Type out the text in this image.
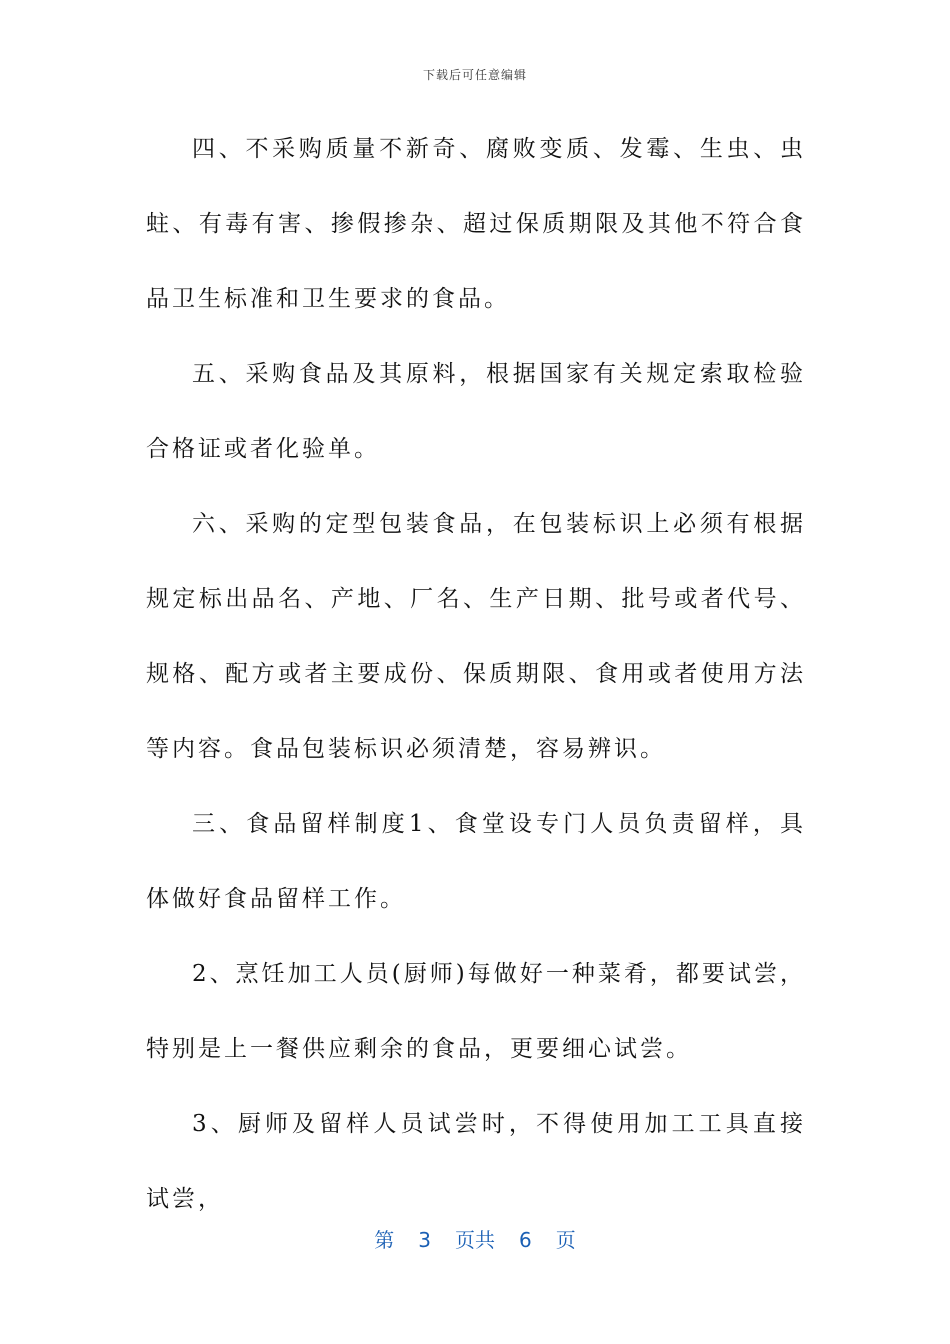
下载后可任意编辑

四、不采购质量不新奇、腐败变质、发霉、生虫、虫蛀、有毒有害、掺假掺杂、超过保质期限及其他不符合食品卫生标准和卫生要求的食品。

五、采购食品及其原料，根据国家有关规定索取检验合格证或者化验单。

六、采购的定型包装食品，在包装标识上必须有根据规定标出品名、产地、厂名、生产日期、批号或者代号、规格、配方或者主要成份、保质期限、食用或者使用方法等内容。食品包装标识必须清楚，容易辨识。

三、食品留样制度1、食堂设专门人员负责留样，具体做好食品留样工作。

2、烹饪加工人员(厨师)每做好一种菜肴，都要试尝，特别是上一餐供应剩余的食品，更要细心试尝。

3、厨师及留样人员试尝时，不得使用加工工具直接试尝，

第 3 页共 6 页
